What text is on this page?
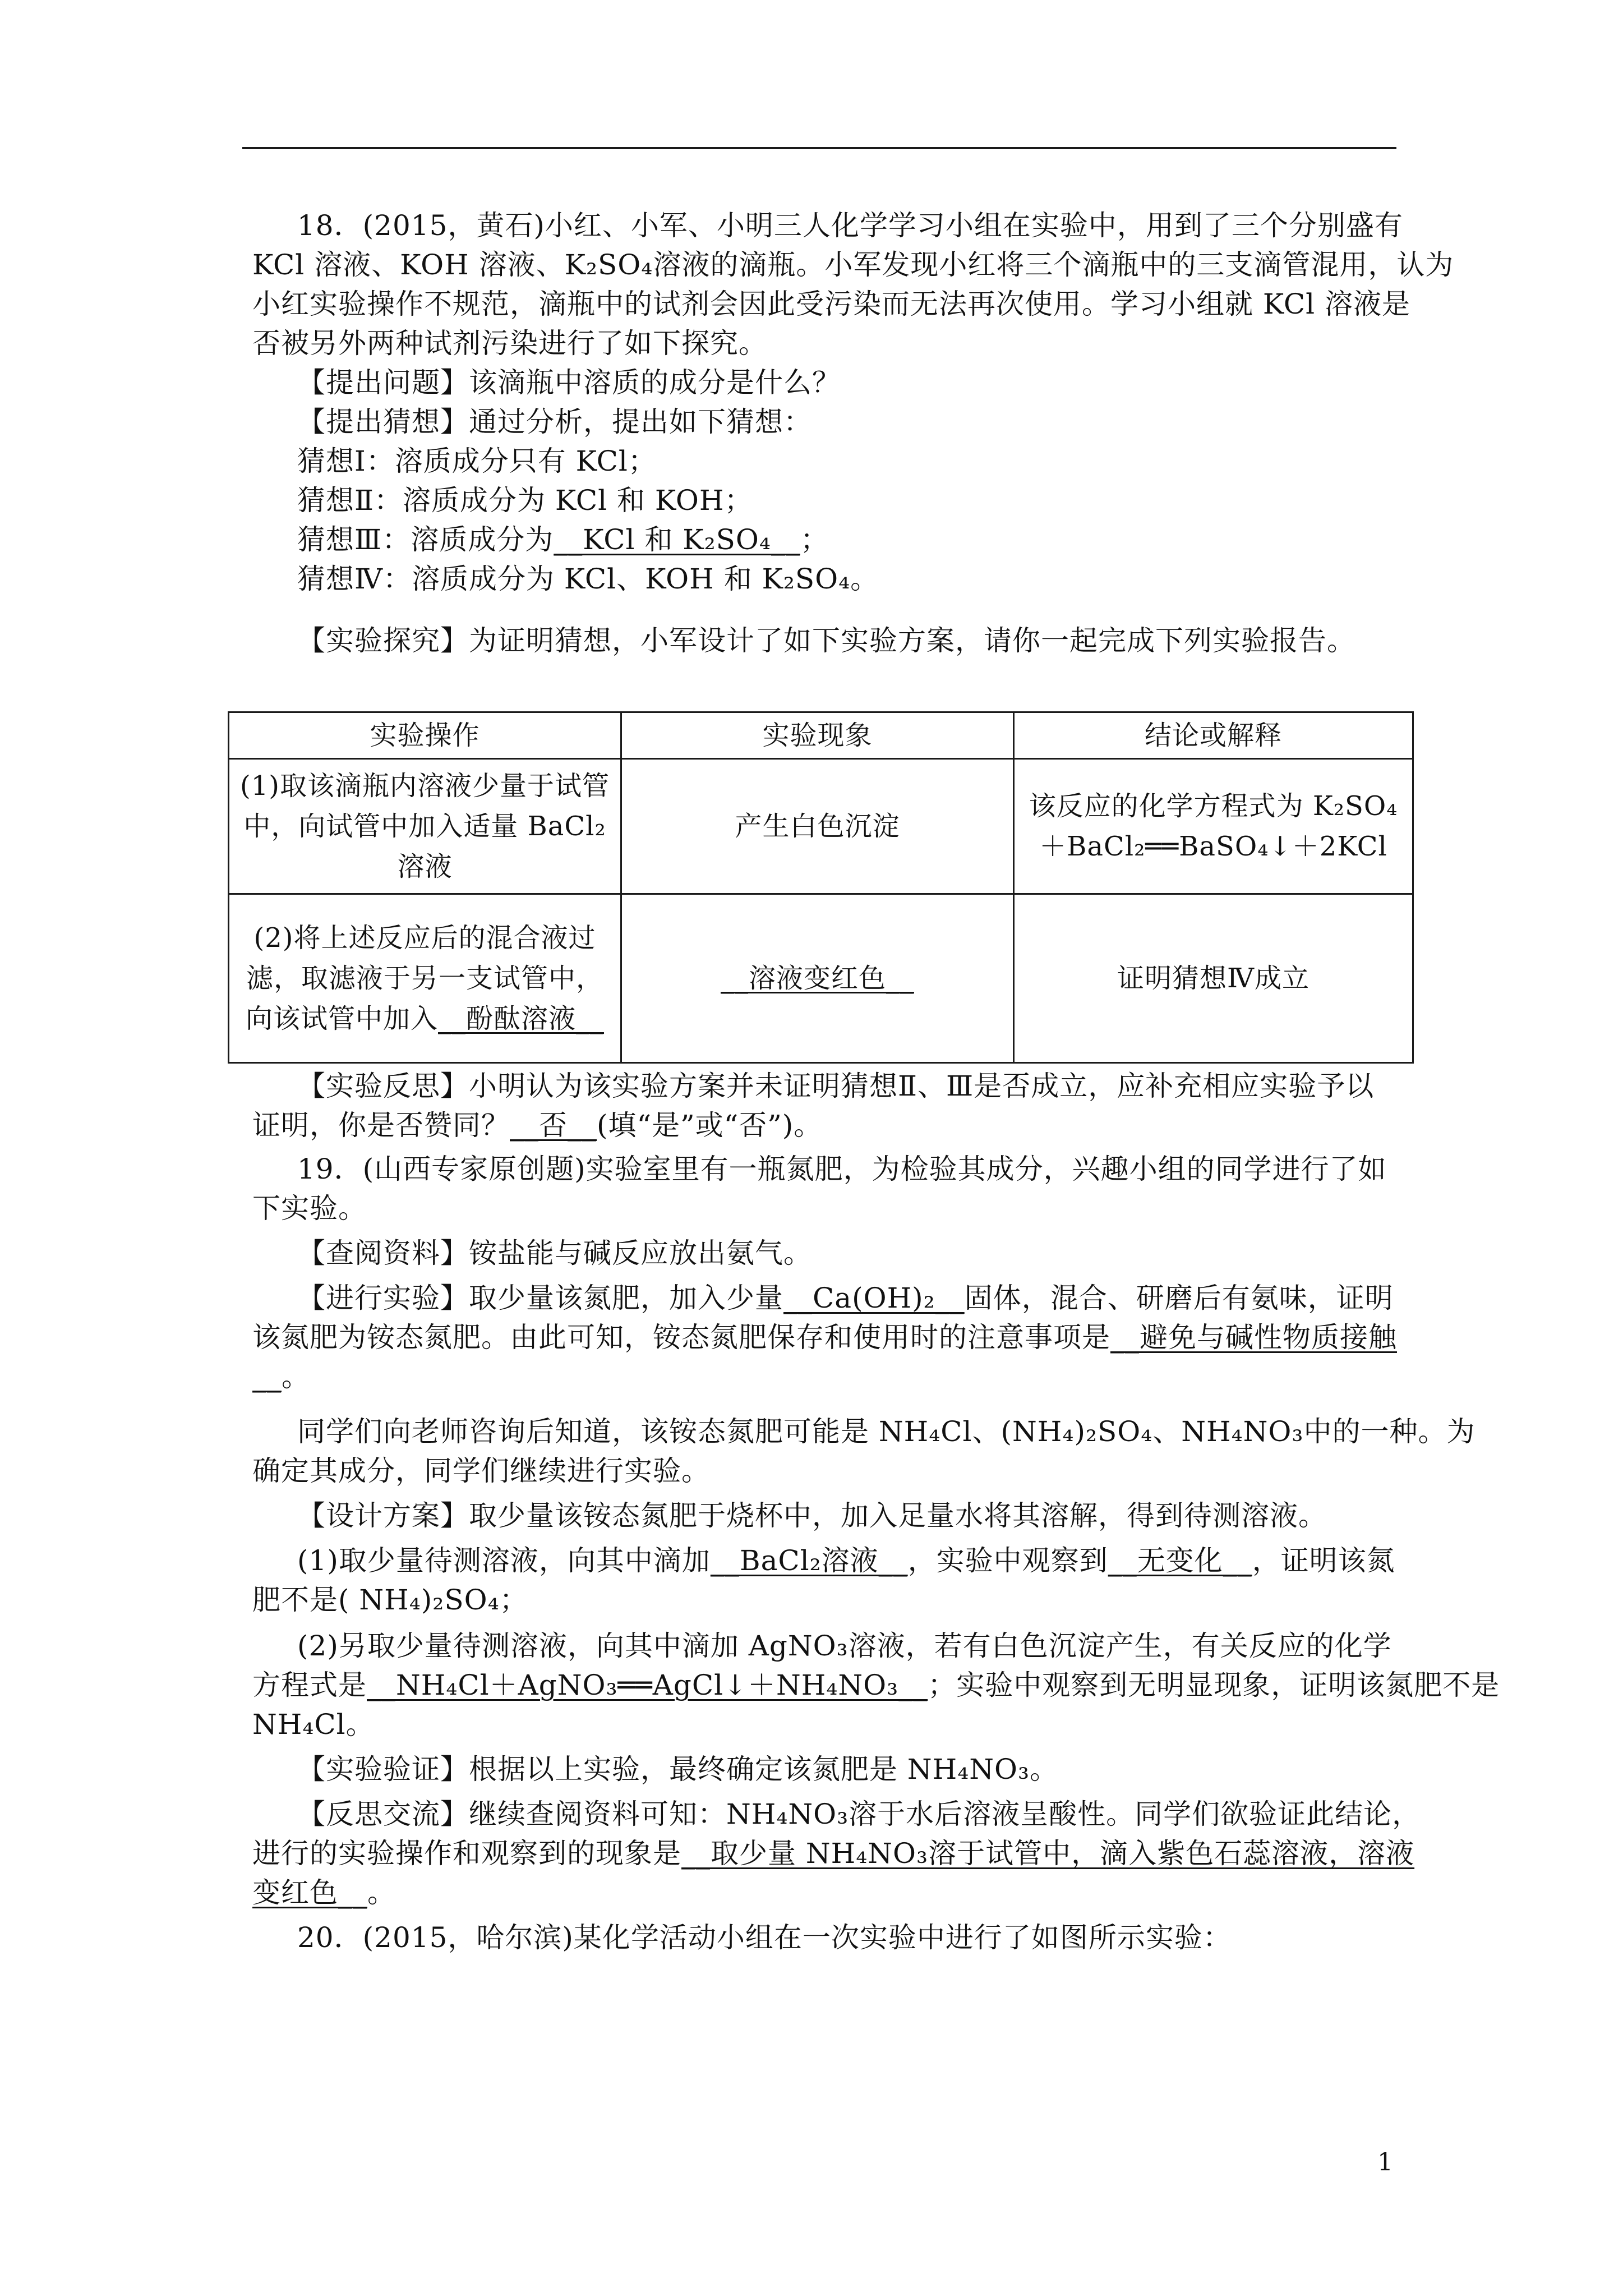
18．(2015，黄石)小红、小军、小明三人化学学习小组在实验中，用到了三个分别盛有
KCl 溶液、KOH 溶液、K₂SO₄溶液的滴瓶。小军发现小红将三个滴瓶中的三支滴管混用，认为
小红实验操作不规范，滴瓶中的试剂会因此受污染而无法再次使用。学习小组就 KCl 溶液是
否被另外两种试剂污染进行了如下探究。
【提出问题】该滴瓶中溶质的成分是什么？
【提出猜想】通过分析，提出如下猜想：
猜想Ⅰ：溶质成分只有 KCl；
猜想Ⅱ：溶质成分为 KCl 和 KOH；
猜想Ⅲ：溶质成分为__KCl 和 K₂SO₄__；
猜想Ⅳ：溶质成分为 KCl、KOH 和 K₂SO₄。
【实验探究】为证明猜想，小军设计了如下实验方案，请你一起完成下列实验报告。
实验操作	实验现象	结论或解释
(1)取该滴瓶内溶液少量于试管中，向试管中加入适量 BaCl₂溶液	产生白色沉淀	该反应的化学方程式为 K₂SO₄＋BaCl₂══BaSO₄↓＋2KCl
(2)将上述反应后的混合液过滤，取滤液于另一支试管中，向该试管中加入__酚酞溶液__	__溶液变红色__	证明猜想Ⅳ成立
【实验反思】小明认为该实验方案并未证明猜想Ⅱ、Ⅲ是否成立，应补充相应实验予以
证明，你是否赞同？__否__(填“是”或“否”)。
19．(山西专家原创题)实验室里有一瓶氮肥，为检验其成分，兴趣小组的同学进行了如
下实验。
【查阅资料】铵盐能与碱反应放出氨气。
【进行实验】取少量该氮肥，加入少量__Ca(OH)₂__固体，混合、研磨后有氨味，证明
该氮肥为铵态氮肥。由此可知，铵态氮肥保存和使用时的注意事项是__避免与碱性物质接触
__。
同学们向老师咨询后知道，该铵态氮肥可能是 NH₄Cl、(NH₄)₂SO₄、NH₄NO₃中的一种。为
确定其成分，同学们继续进行实验。
【设计方案】取少量该铵态氮肥于烧杯中，加入足量水将其溶解，得到待测溶液。
(1)取少量待测溶液，向其中滴加__BaCl₂溶液__，实验中观察到__无变化__，证明该氮
肥不是( NH₄)₂SO₄；
(2)另取少量待测溶液，向其中滴加 AgNO₃溶液，若有白色沉淀产生，有关反应的化学
方程式是__NH₄Cl＋AgNO₃══AgCl↓＋NH₄NO₃__；实验中观察到无明显现象，证明该氮肥不是
NH₄Cl。
【实验验证】根据以上实验，最终确定该氮肥是 NH₄NO₃。
【反思交流】继续查阅资料可知：NH₄NO₃溶于水后溶液呈酸性。同学们欲验证此结论，
进行的实验操作和观察到的现象是__取少量 NH₄NO₃溶于试管中，滴入紫色石蕊溶液，溶液
变红色__。
20．(2015，哈尔滨)某化学活动小组在一次实验中进行了如图所示实验：
1
